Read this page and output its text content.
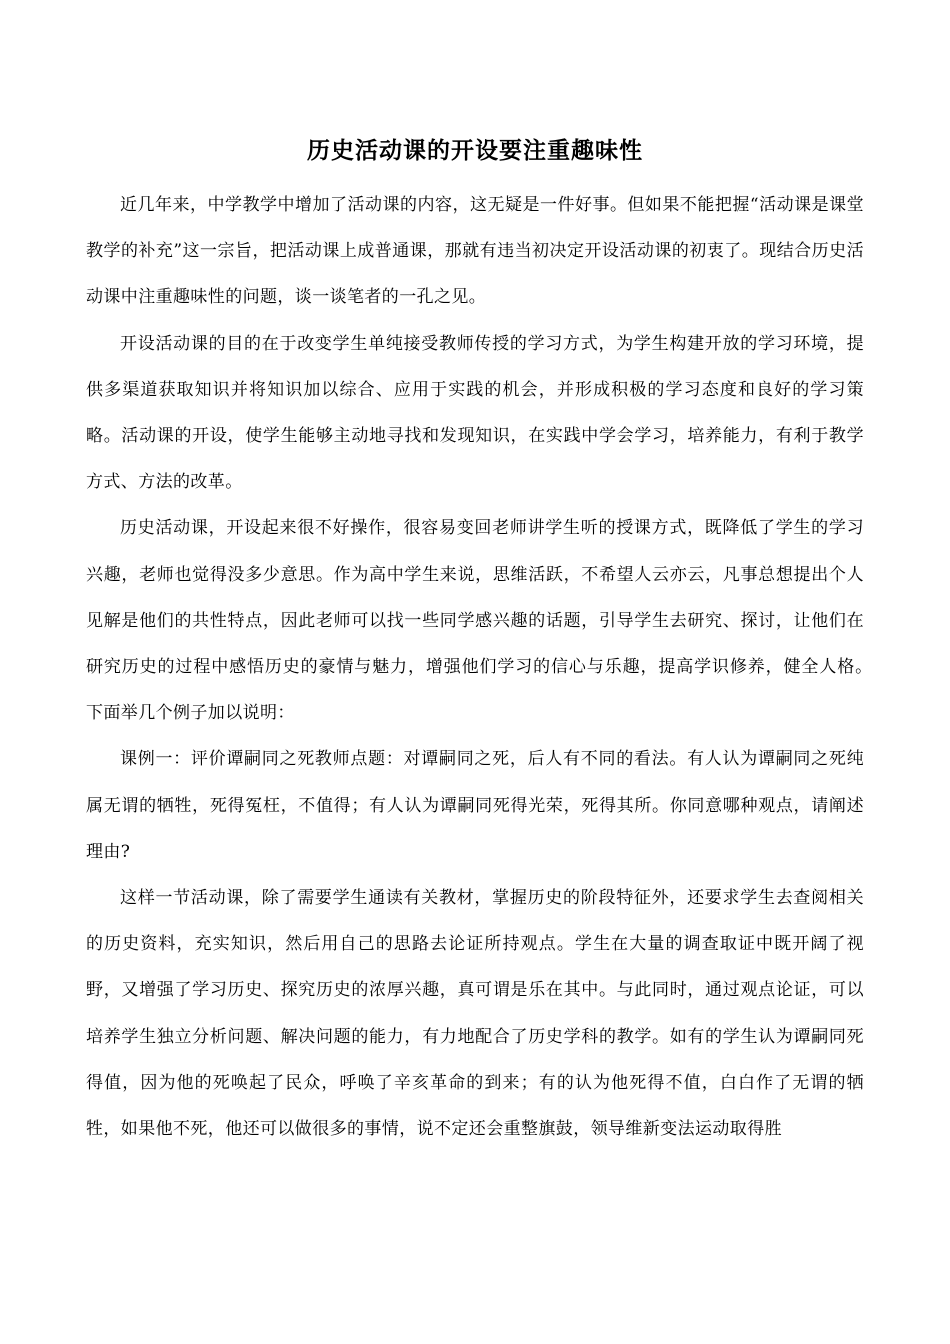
历史活动课的开设要注重趣味性

近几年来，中学教学中增加了活动课的内容，这无疑是一件好事。但如果不能把握“活动课是课堂教学的补充”这一宗旨，把活动课上成普通课，那就有违当初决定开设活动课的初衷了。现结合历史活动课中注重趣味性的问题，谈一谈笔者的一孔之见。

开设活动课的目的在于改变学生单纯接受教师传授的学习方式，为学生构建开放的学习环境，提供多渠道获取知识并将知识加以综合、应用于实践的机会，并形成积极的学习态度和良好的学习策略。活动课的开设，使学生能够主动地寻找和发现知识，在实践中学会学习，培养能力，有利于教学方式、方法的改革。

历史活动课，开设起来很不好操作，很容易变回老师讲学生听的授课方式，既降低了学生的学习兴趣，老师也觉得没多少意思。作为高中学生来说，思维活跃，不希望人云亦云，凡事总想提出个人见解是他们的共性特点，因此老师可以找一些同学感兴趣的话题，引导学生去研究、探讨，让他们在研究历史的过程中感悟历史的豪情与魅力，增强他们学习的信心与乐趣，提高学识修养，健全人格。　　下面举几个例子加以说明：

课例一：评价谭嗣同之死教师点题：对谭嗣同之死，后人有不同的看法。有人认为谭嗣同之死纯属无谓的牺牲，死得冤枉，不值得；有人认为谭嗣同死得光荣，死得其所。你同意哪种观点，请阐述理由?

这样一节活动课，除了需要学生通读有关教材，掌握历史的阶段特征外，还要求学生去查阅相关的历史资料，充实知识，然后用自己的思路去论证所持观点。学生在大量的调查取证中既开阔了视野，又增强了学习历史、探究历史的浓厚兴趣，真可谓是乐在其中。与此同时，通过观点论证，可以培养学生独立分析问题、解决问题的能力，有力地配合了历史学科的教学。如有的学生认为谭嗣同死得值，因为他的死唤起了民众，呼唤了辛亥革命的到来；有的认为他死得不值，白白作了无谓的牺牲，如果他不死，他还可以做很多的事情，说不定还会重整旗鼓，领导维新变法运动取得胜
